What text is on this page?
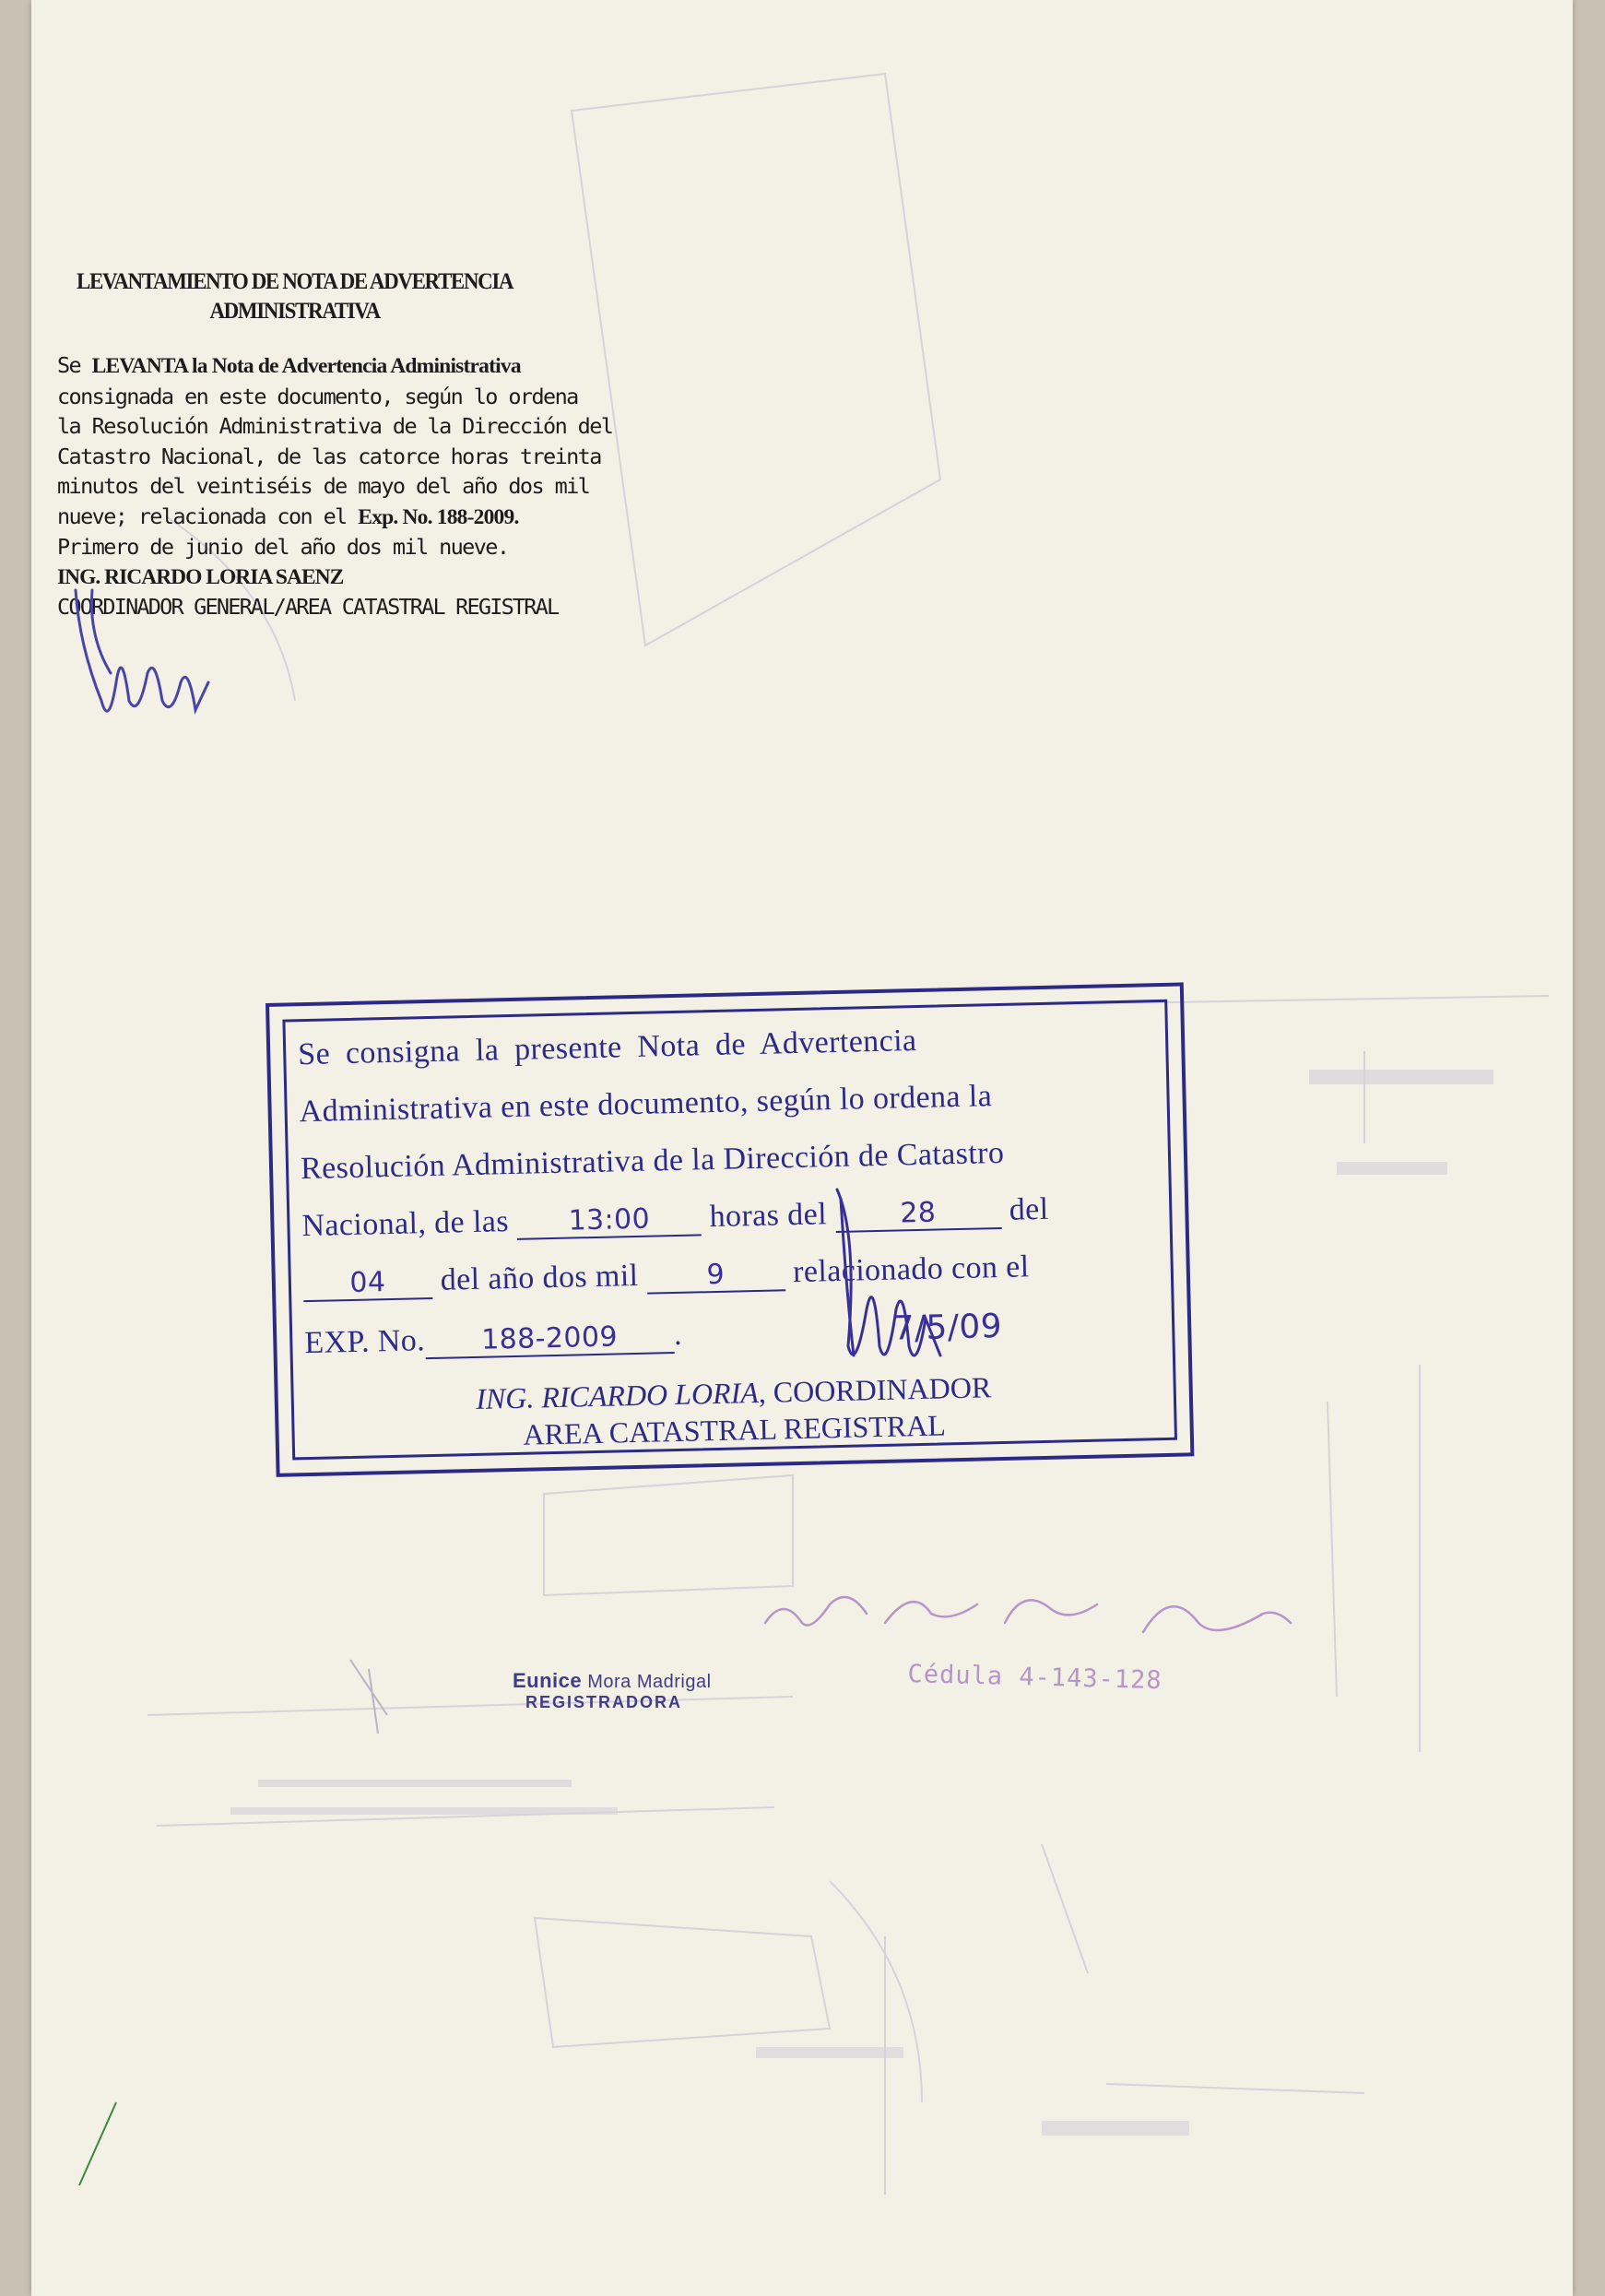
LEVANTAMIENTO DE NOTA DE ADVERTENCIA
ADMINISTRATIVA
Se LEVANTA la Nota de Advertencia Administrativa
consignada en este documento, según lo ordena
la Resolución Administrativa de la Dirección del
Catastro Nacional, de las catorce horas treinta
minutos del veintiséis de mayo del año dos mil
nueve; relacionada con el Exp. No. 188-2009.
Primero de junio del año dos mil nueve.
ING. RICARDO LORIA SAENZ
COORDINADOR GENERAL/AREA CATASTRAL REGISTRAL
Se consigna la presente Nota de Advertencia
Administrativa en este documento, según lo ordena la
Resolución Administrativa de la Dirección de Catastro
Nacional, de las 13:00 horas del	28 del
04 del año dos mil 9 relacionado con el
EXP. No. 188-2009 .	7/5/09
ING. RICARDO LORIA, COORDINADOR
AREA CATASTRAL REGISTRAL
Eunice Mora Madrigal
REGISTRADORA
Cédula 4-143-128
